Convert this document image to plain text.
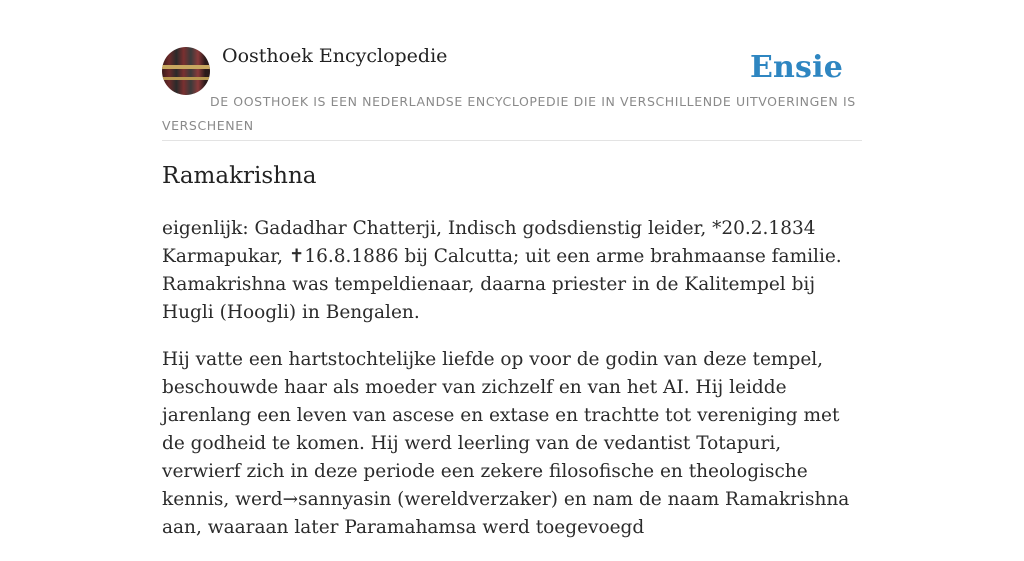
Oosthoek Encyclopedie	Ensie
DE OOSTHOEK IS EEN NEDERLANDSE ENCYCLOPEDIE DIE IN VERSCHILLENDE UITVOERINGEN IS VERSCHENEN
Ramakrishna

eigenlijk: Gadadhar Chatterji, Indisch godsdienstig leider, *20.2.1834 Karmapukar, ✝16.8.1886 bij Calcutta; uit een arme brahmaanse familie. Ramakrishna was tempeldienaar, daarna priester in de Kalitempel bij Hugli (Hoogli) in Bengalen.

Hij vatte een hartstochtelijke liefde op voor de godin van deze tempel, beschouwde haar als moeder van zichzelf en van het AI. Hij leidde jarenlang een leven van ascese en extase en trachtte tot vereniging met de godheid te komen. Hij werd leerling van de vedantist Totapuri, verwierf zich in deze periode een zekere filosofische en theologische kennis, werd→sannyasin (wereldverzaker) en nam de naam Ramakrishna aan, waaraan later Paramahamsa werd toegevoegd
